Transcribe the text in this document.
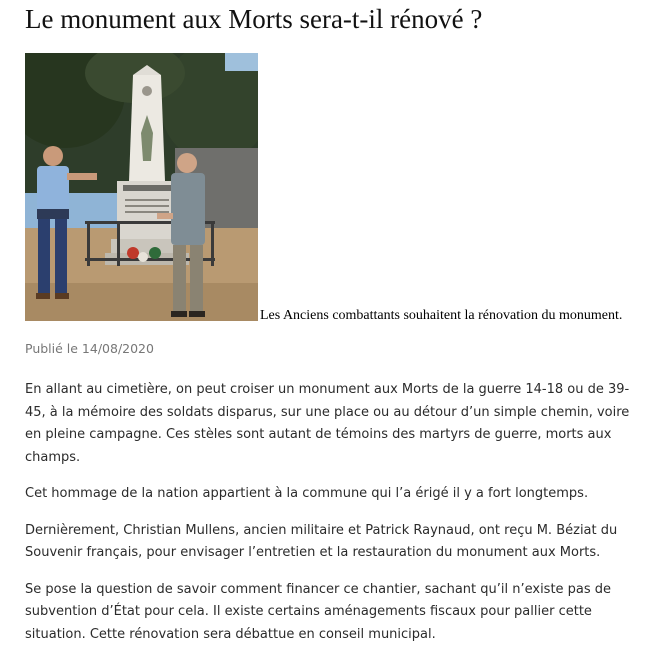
Le monument aux Morts sera-t-il rénové ?
Les Anciens combattants souhaitent la rénovation du monument.
Publié le 14/08/2020

En allant au cimetière, on peut croiser un monument aux Morts de la guerre 14-18 ou de 39-45, à la mémoire des soldats disparus, sur une place ou au détour d’un simple chemin, voire en pleine campagne. Ces stèles sont autant de témoins des martyrs de guerre, morts aux champs.

Cet hommage de la nation appartient à la commune qui l’a érigé il y a fort longtemps.

Dernièrement, Christian Mullens, ancien militaire et Patrick Raynaud, ont reçu M. Béziat du Souvenir français, pour envisager l’entretien et la restauration du monument aux Morts.

Se pose la question de savoir comment financer ce chantier, sachant qu’il n’existe pas de subvention d’État pour cela. Il existe certains aménagements fiscaux pour pallier cette situation. Cette rénovation sera débattue en conseil municipal.
